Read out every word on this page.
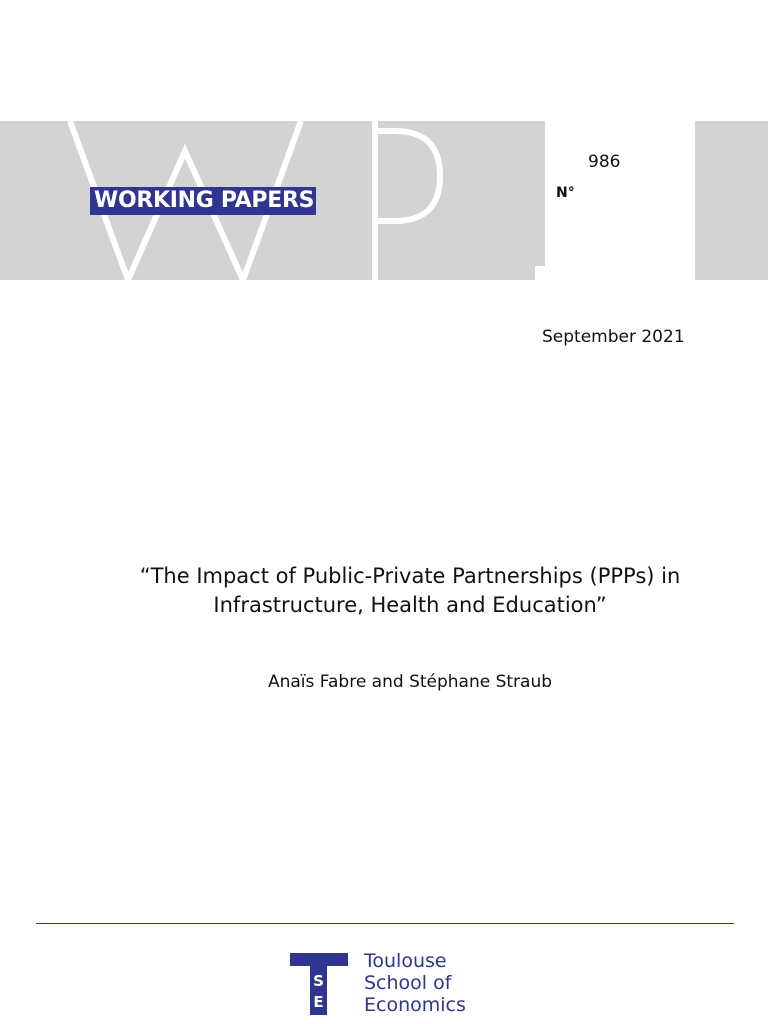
WORKING PAPERS
986
N°
September 2021
“The Impact of Public-Private Partnerships (PPPs) in
Infrastructure, Health and Education”
Anaïs Fabre and Stéphane Straub
S
E
Toulouse
School of
Economics
